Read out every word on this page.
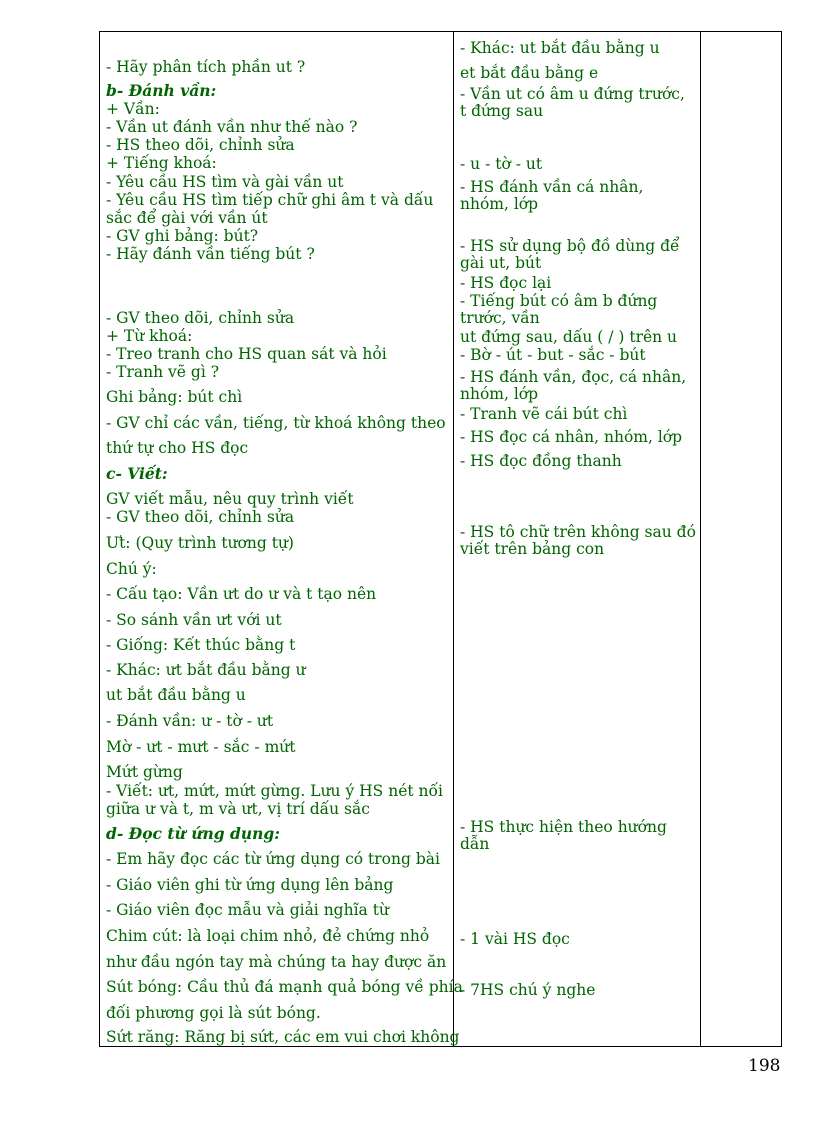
- Hãy phân tích phần ut ?
b- Đánh vần:
+ Vần:
- Vần ut đánh vần như thế nào ?
- HS theo dõi, chỉnh sửa
+ Tiếng khoá:
- Yêu cầu HS tìm và gài vần ut
- Yêu cầu HS tìm tiếp chữ ghi âm t và dấu
sắc để gài với vần út
- GV ghi bảng: bút?
- Hãy đánh vần tiếng bút ?
- GV theo dõi, chỉnh sửa
+ Từ khoá:
- Treo tranh cho HS quan sát và hỏi
- Tranh vẽ gì ?
Ghi bảng: bút chì
- GV chỉ các vần, tiếng, từ khoá không theo
thứ tự cho HS đọc
c- Viết:
GV viết mẫu, nêu quy trình viết
- GV theo dõi, chỉnh sửa
Ưt: (Quy trình tương tự)
Chú ý:
- Cấu tạo: Vần ưt do ư và t tạo nên
- So sánh vần ưt với ut
- Giống: Kết thúc bằng t
- Khác: ưt bắt đầu bằng ư
ut bắt đầu bằng u
- Đánh vần: ư - tờ - ưt
Mờ - ưt - mưt - sắc - mứt
Mứt gừng
- Viết: ưt, mứt, mứt gừng. Lưu ý HS nét nối
giữa ư và t, m và ưt, vị trí dấu sắc
d- Đọc từ ứng dụng:
- Em hãy đọc các từ ứng dụng có trong bài
- Giáo viên ghi từ ứng dụng lên bảng
- Giáo viên đọc mẫu và giải nghĩa từ
Chim cút: là loại chim nhỏ, đẻ chứng nhỏ
như đầu ngón tay mà chúng ta hay được ăn
Sút bóng: Cầu thủ đá mạnh quả bóng về phía
đối phương gọi là sút bóng.
Sứt răng: Răng bị sứt, các em vui chơi không
- Khác: ut bắt đầu bằng u
et bắt đầu bằng e
- Vần ut có âm u đứng trước, t đứng sau
- u - tờ - ut
- HS đánh vần cá nhân, nhóm, lớp
- HS sử dụng bộ đồ dùng để gài ut, bút
- HS đọc lại
- Tiếng bút có âm b đứng trước, vần
ut đứng sau, dấu ( / ) trên u
- Bờ - út - but - sắc - bút
- HS đánh vần, đọc, cá nhân, nhóm, lớp
- Tranh vẽ cái bút chì
- HS đọc cá nhân, nhóm, lớp
- HS đọc đồng thanh
- HS tô chữ trên không sau đó viết trên bảng con
- HS thực hiện theo hướng dẫn
- 1 vài HS đọc
- 7HS chú ý nghe
198
